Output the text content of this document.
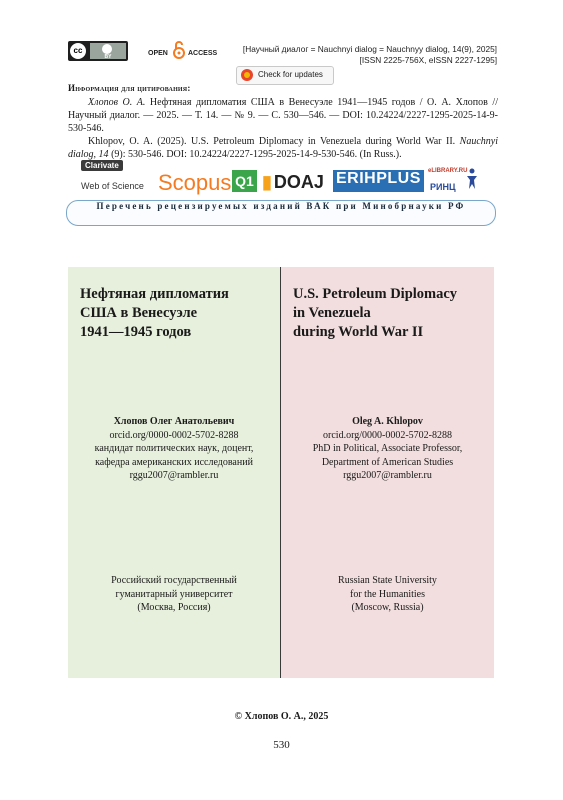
cc
BY	OPEN	ACCESS	[Научный диалог = Nauchnyi dialog = Nauchnyy dialog, 14(9), 2025]
[ISSN 2225-756X, eISSN 2227-1295]
Check for updates
Информация для цитирования:
Хлопов О. А. Нефтяная дипломатия США в Венесуэле 1941—1945 годов / О. А. Хлопов // Научный диалог. — 2025. — Т. 14. — № 9. — С. 530—546. — DOI: 10.24224/2227-1295-2025-14-9-530-546.
Khlopov, O. A. (2025). U.S. Petroleum Diplomacy in Venezuela during World War II. Nauchnyi dialog, 14 (9): 530-546. DOI: 10.24224/2227-1295-2025-14-9-530-546. (In Russ.).
Clarivate
Web of Science Scopus Q1
▮	DOAJ ERIHPLUS	eLIBRARY.RU
РИНЦ
Перечень рецензируемых изданий ВАК при Минобрнауки РФ
Нефтяная дипломатия
США в Венесуэле
1941—1945 годов
Хлопов Олег Анатольевич
orcid.org/0000-0002-5702-8288
кандидат политических наук, доцент,
кафедра американских исследований
rggu2007@rambler.ru
Российский государственный
гуманитарный университет
(Москва, Россия)
U.S. Petroleum Diplomacy
in Venezuela
during World War II
Oleg A. Khlopov
orcid.org/0000-0002-5702-8288
PhD in Political, Associate Professor,
Department of American Studies
rggu2007@rambler.ru
Russian State University
for the Humanities
(Moscow, Russia)
© Хлопов О. А., 2025
530
